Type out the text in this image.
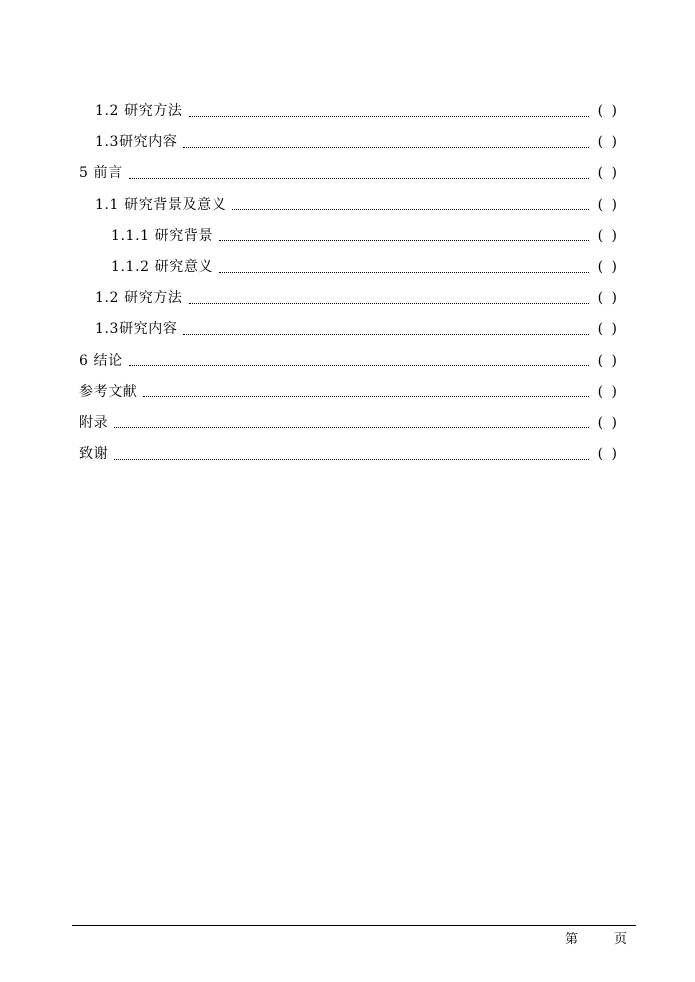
1.2 研究方法	( )
1.3研究内容	( )
5 前言	( )
1.1 研究背景及意义	( )
1.1.1 研究背景	( )
1.1.2 研究意义	( )
1.2 研究方法	( )
1.3研究内容	( )
6 结论	( )
参考文献	( )
附录	( )
致谢	( )
第	页
